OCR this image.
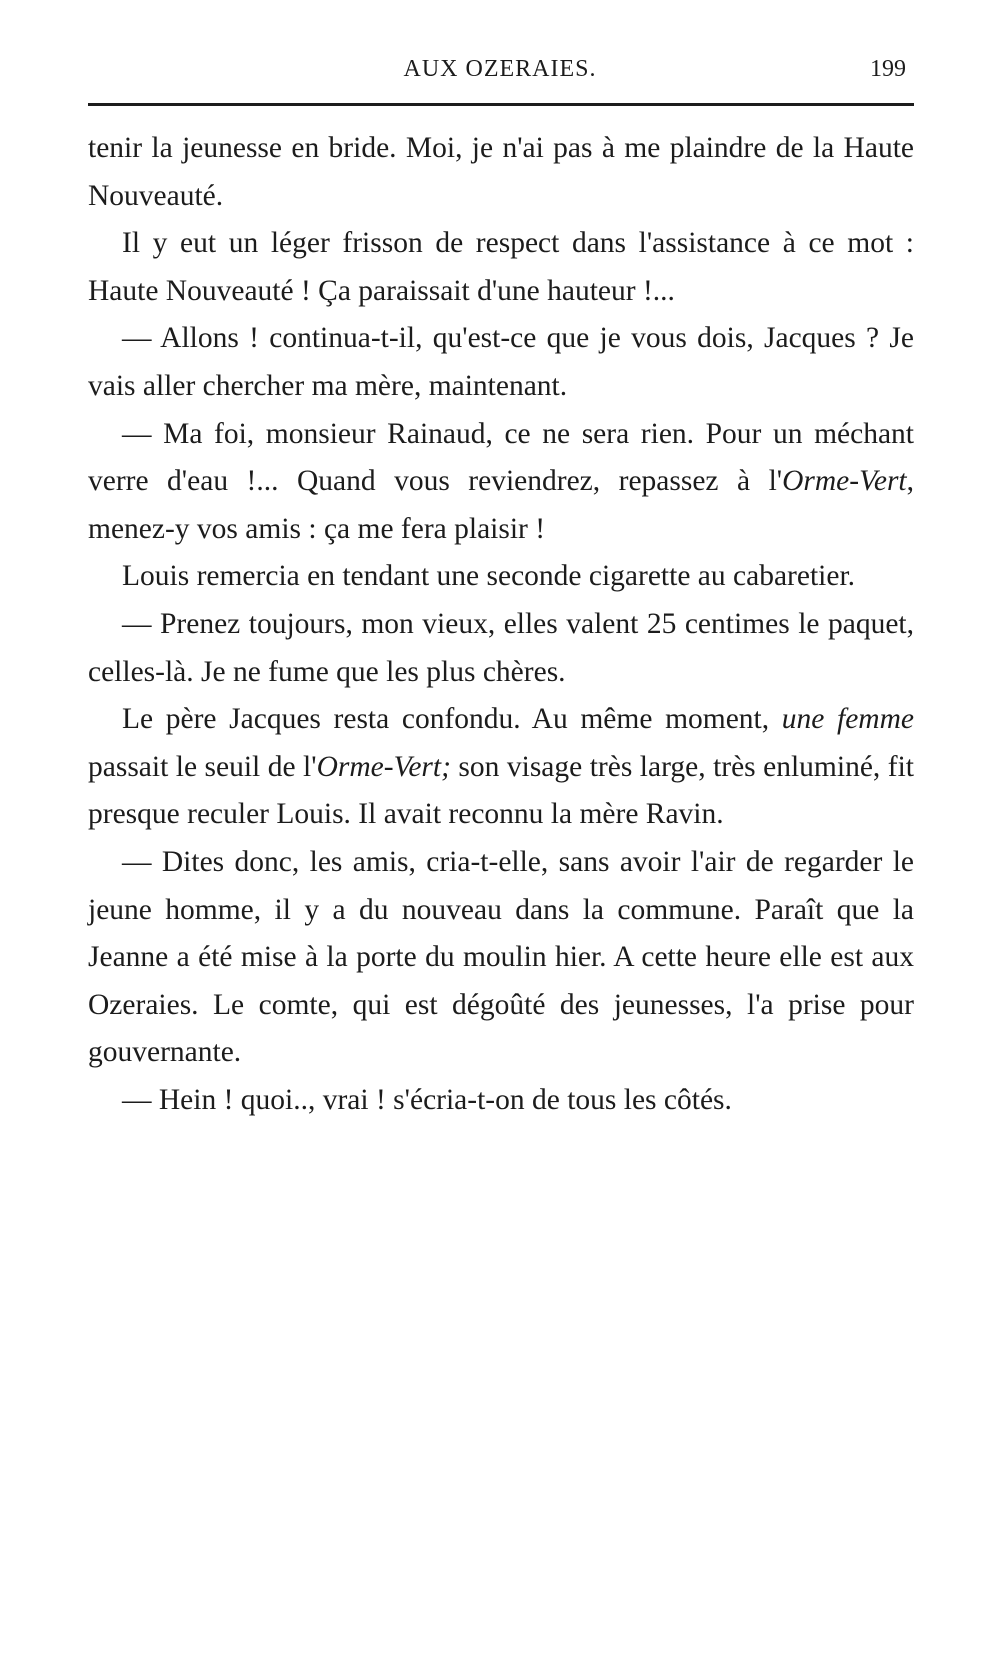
AUX OZERAIES.	199

tenir la jeunesse en bride. Moi, je n'ai pas à me plaindre de la Haute Nouveauté.

Il y eut un léger frisson de respect dans l'assistance à ce mot : Haute Nouveauté ! Ça paraissait d'une hauteur !...

— Allons ! continua-t-il, qu'est-ce que je vous dois, Jacques ? Je vais aller chercher ma mère, maintenant.

— Ma foi, monsieur Rainaud, ce ne sera rien. Pour un méchant verre d'eau !... Quand vous reviendrez, repassez à l'Orme-Vert, menez-y vos amis : ça me fera plaisir !

Louis remercia en tendant une seconde cigarette au cabaretier.

— Prenez toujours, mon vieux, elles valent 25 centimes le paquet, celles-là. Je ne fume que les plus chères.

Le père Jacques resta confondu. Au même moment, une femme passait le seuil de l'Orme-Vert; son visage très large, très enluminé, fit presque reculer Louis. Il avait reconnu la mère Ravin.

— Dites donc, les amis, cria-t-elle, sans avoir l'air de regarder le jeune homme, il y a du nouveau dans la commune. Paraît que la Jeanne a été mise à la porte du moulin hier. A cette heure elle est aux Ozeraies. Le comte, qui est dégoûté des jeunesses, l'a prise pour gouvernante.

— Hein ! quoi.., vrai ! s'écria-t-on de tous les côtés.
